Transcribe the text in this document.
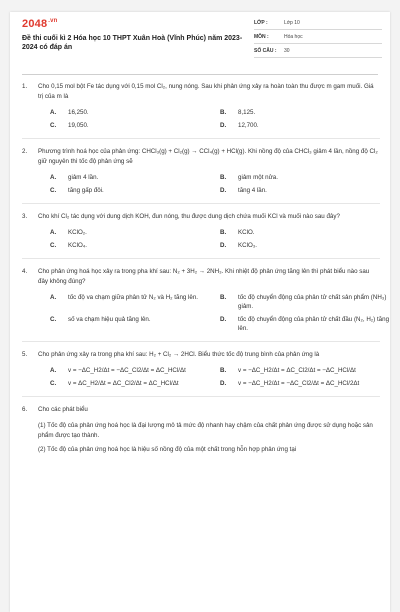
$2048^{.vn}$
Đề thi cuối kì 2 Hóa học 10 THPT Xuân Hoà (Vĩnh Phúc) năm 2023-2024 có đáp án
LỚP :	Lớp 10
MÔN :	Hóa học
SỐ CÂU :	30
1. Cho 0,15 mol bột Fe tác dụng với 0,15 mol Cl₂, nung nóng. Sau khi phản ứng xảy ra hoàn toàn thu được m gam muối. Giá trị của m là
A.	16,250.	B.	8,125.
C.	19,050.	D.	12,700.
2. Phương trình hoá học của phản ứng: CHCl₃(g) + Cl₂(g) → CCl₄(g) + HCl(g). Khi nồng độ của CHCl₃ giảm 4 lần, nồng độ Cl₂ giữ nguyên thì tốc độ phản ứng sẽ
A.	giảm 4 lần.	B.	giảm một nửa.
C.	tăng gấp đôi.	D.	tăng 4 lần.
3. Cho khí Cl₂ tác dụng với dung dịch KOH, đun nóng, thu được dung dịch chứa muối KCl và muối nào sau đây?
A.	KClO₂.	B.	KClO.
C.	KClO₄.	D.	KClO₃.
4. Cho phản ứng hoá học xảy ra trong pha khí sau: N₂ + 3H₂ → 2NH₃. Khi nhiệt độ phản ứng tăng lên thì phát biểu nào sau đây không đúng?
A.	tốc độ va chạm giữa phân tử N₂ và H₂ tăng lên.	B.	tốc độ chuyển động của phân tử chất sản phẩm (NH₃) giảm.
C.	số va chạm hiệu quả tăng lên.	D.	tốc độ chuyển động của phân tử chất đầu (N₂, H₂) tăng lên.
5. Cho phản ứng xảy ra trong pha khí sau: H₂ + Cl₂ → 2HCl. Biểu thức tốc độ trung bình của phản ứng là
A.	v = −ΔC_H2/Δt = −ΔC_Cl2/Δt = ΔC_HCl/Δt	B.	v = −ΔC_H2/Δt = ΔC_Cl2/Δt = −ΔC_HCl/Δt
C.	v = ΔC_H2/Δt = ΔC_Cl2/Δt = ΔC_HCl/Δt	D.	v = −ΔC_H2/Δt = −ΔC_Cl2/Δt = ΔC_HCl/2Δt
6. Cho các phát biểu
(1) Tốc độ của phản ứng hoá học là đại lượng mô tả mức độ nhanh hay chậm của chất phản ứng được sử dụng hoặc sản phẩm được tạo thành.
(2) Tốc độ của phản ứng hoá học là hiệu số nồng độ của một chất trong hỗn hợp phản ứng tại
